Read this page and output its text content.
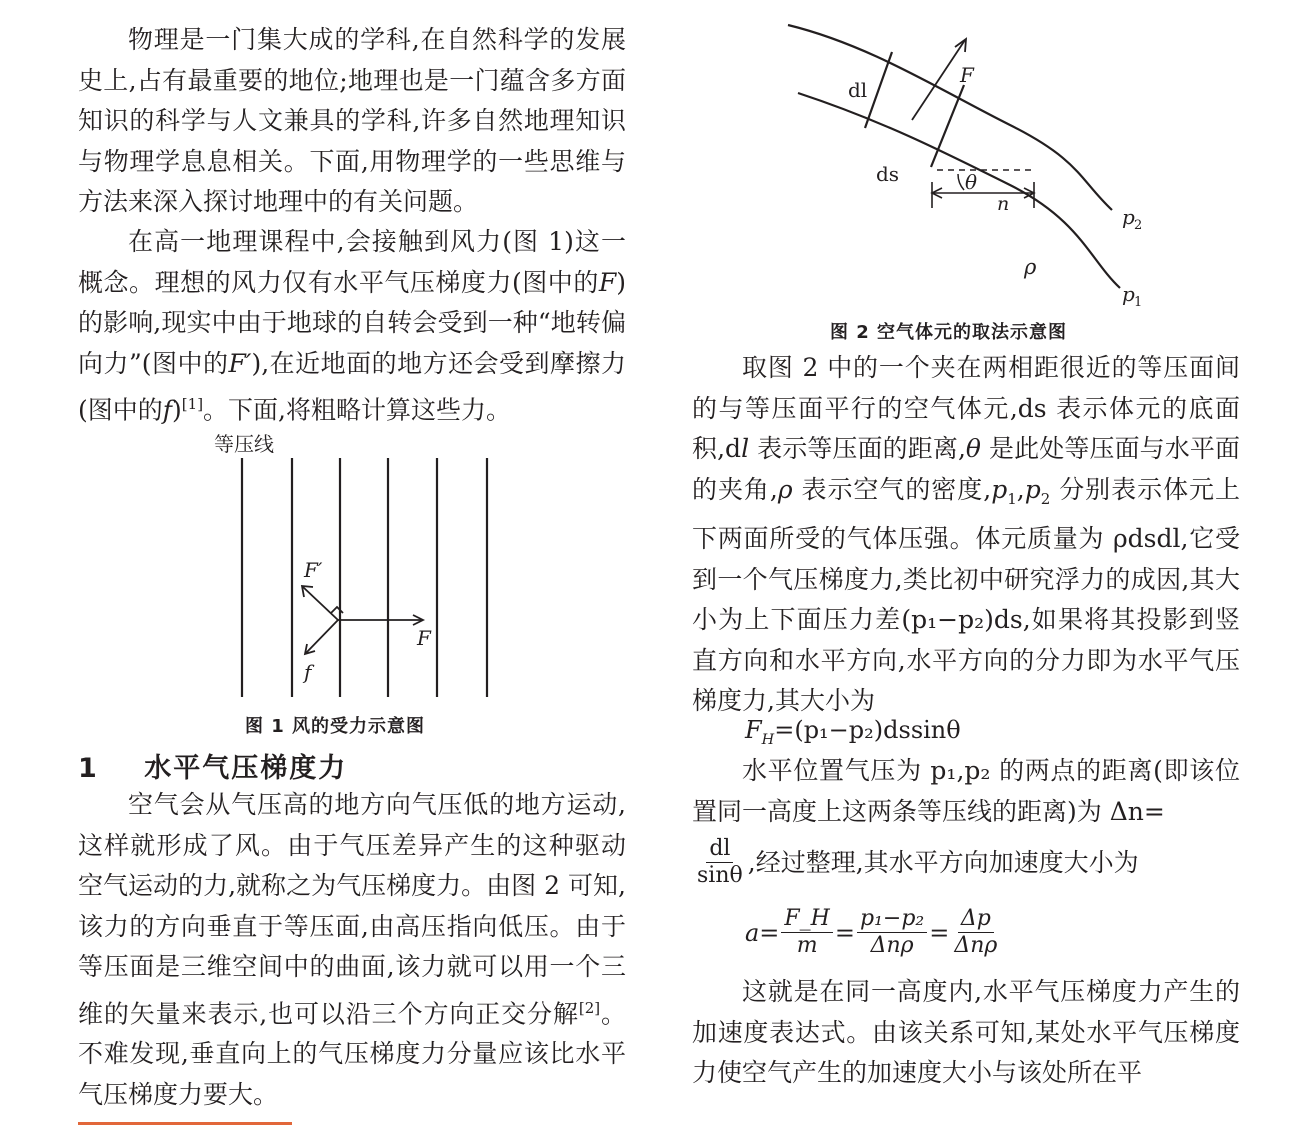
物理是一门集大成的学科,在自然科学的发展史上,占有最重要的地位;地理也是一门蕴含多方面知识的科学与人文兼具的学科,许多自然地理知识与物理学息息相关。下面,用物理学的一些思维与方法来深入探讨地理中的有关问题。

在高一地理课程中,会接触到风力(图 1)这一概念。理想的风力仅有水平气压梯度力(图中的F)的影响,现实中由于地球的自转会受到一种“地转偏向力”(图中的F′),在近地面的地方还会受到摩擦力(图中的f)[1]。下面,将粗略计算这些力。

等压线
F′
F
f

图 1 风的受力示意图

1 水平气压梯度力

空气会从气压高的地方向气压低的地方运动,这样就形成了风。由于气压差异产生的这种驱动空气运动的力,就称之为气压梯度力。由图 2 可知,该力的方向垂直于等压面,由高压指向低压。由于等压面是三维空间中的曲面,该力就可以用一个三维的矢量来表示,也可以沿三个方向正交分解[2]。不难发现,垂直向上的气压梯度力分量应该比水平气压梯度力要大。

dl
F
ds	θ
n
p 2
ρ
p 1

图 2 空气体元的取法示意图

取图 2 中的一个夹在两相距很近的等压面间的与等压面平行的空气体元,ds 表示体元的底面积,dl 表示等压面的距离,θ 是此处等压面与水平面的夹角,ρ 表示空气的密度$,p_1,p_2$ 分别表示体元上下两面所受的气体压强。体元质量为 ρdsdl,它受到一个气压梯度力,类比初中研究浮力的成因,其大小为上下面压力差(p₁−p₂)ds,如果将其投影到竖直方向和水平方向,水平方向的分力即为水平气压梯度力,其大小为

$F_H=(p_1-p_2)dssin\theta$

水平位置气压为 p₁,p₂ 的两点的距离(即该位置同一高度上这两条等压线的距离)为 Δn=

$\frac{dl}{\sin\theta}$ ,经过整理,其水平方向加速度大小为
$a= \frac{F\_H}{m} = \frac{\text{p₁−p₂}}{\text{Δnρ}} = \frac{\Delta p}{\text{Δnρ}}$

这就是在同一高度内,水平气压梯度力产生的加速度表达式。由该关系可知,某处水平气压梯度力使空气产生的加速度大小与该处所在平
